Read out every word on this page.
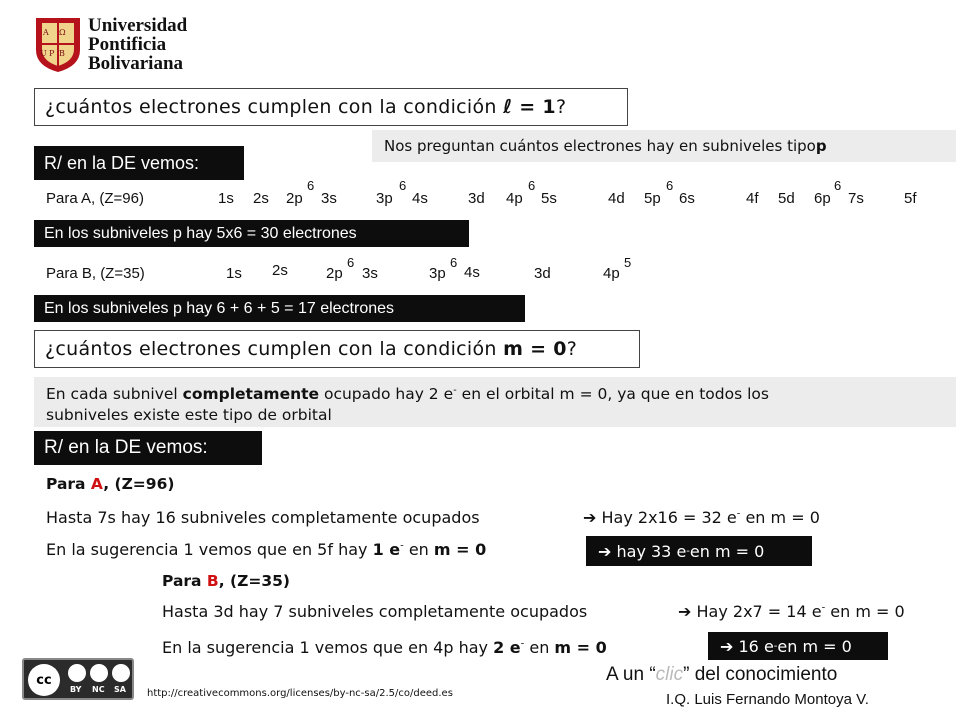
A Ω
U P B
Universidad
Pontificia
Bolivariana
¿cuántos electrones cumplen con la condición
ℓ = 1 ?
Nos preguntan cuántos electrones hay en subniveles tipo p
R/ en la DE vemos:
Para A, (Z=96)	1s 2s 2p
6
3s	3p
6
4s	3d 4p
6
5s	4d 5p
6
6s	4f 5d 6p
6
7s	5f
En los subniveles p hay 5x6 = 30 electrones
Para B, (Z=35)	1s 2s	2p
6
3s	3p
6
4s	3d	4p
5
En los subniveles p hay 6 + 6 + 5 = 17 electrones
¿cuántos electrones cumplen con la condición
m = 0 ?
En cada subnivel completamente ocupado hay 2 e- en el orbital m = 0, ya que en todos los
subniveles existe este tipo de orbital
R/ en la DE vemos:
Para A, (Z=96)
Hasta 7s hay 16 subniveles completamente ocupados	➔ Hay 2x16 = 32 e- en m = 0
En la sugerencia 1 vemos que en 5f hay 1 e- en m = 0	➔
hay 33 e - en m = 0
Para B, (Z=35)
Hasta 3d hay 7 subniveles completamente ocupados	➔ Hay 2x7 = 14 e- en m = 0
En la sugerencia 1 vemos que en 4p hay 2 e- en m = 0	➔
16 e - en m = 0
cc
BY NC SA http://creativecommons.org/licenses/by-nc-sa/2.5/co/deed.es
A un “clic” del conocimiento
I.Q. Luis Fernando Montoya V.
